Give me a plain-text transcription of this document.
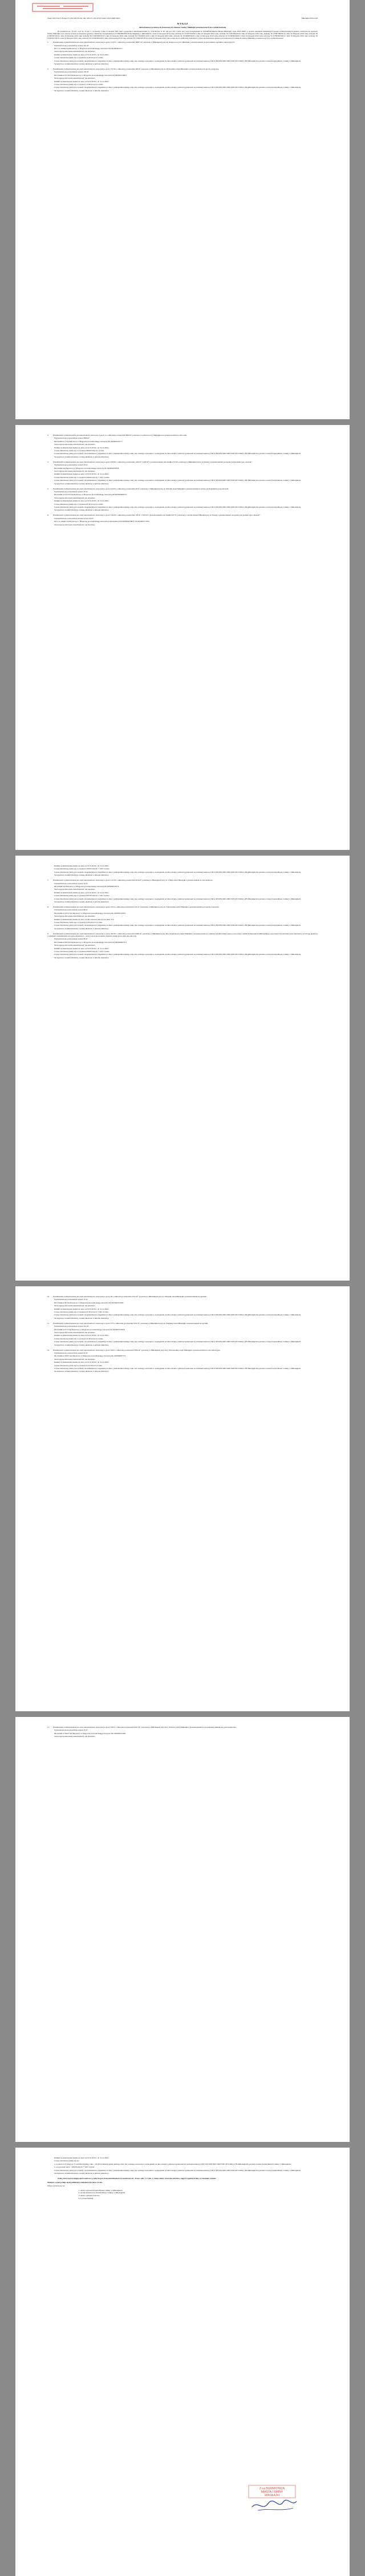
Znak: GM.7224.5.19.244.175.138.144.183.161.164. 168.171.145.167.95 GGK.7224.5.4467/2019	Mikołajki 2018.12.02
W Y K A Z
nieruchomości gruntowych stanowiących własność Gminy Mikołajki przeznaczonych do wydzierżawienia

Na podstawie art. 35 ust.1 oraz art. 35 ust. 1 i 1a ustawy z dnia 21 sierpnia 1997 roku o gospodarce nieruchomościami (t.j. z 2018r. Dz. U. Nr 102 poz. 651 z późn. zm.) oraz Zarządzeniem nr 30/2008 Burmistrza Miasta Mikołajki z dnia 28.01.2008r. w sprawie określenia minimalnych stawek wydzierżawianych gruntów stanowiących własność Gminy Mikołajki oraz stawek czynszu za dzierżawę gruntów, zmienione zarządzeniem nr UVBI/298/2018 Rady Miejskiej w Mikołajkach z dnia 10 listopada 2010 roku, uchwały Nr LVII/579/2010 z dnia 10 listopada 2010 roku, uchwały Nr LVII/590/2010 z dnia 10 listopada 2010 roku, uchwały Nr LVIII/596/2010 z dnia 10 listopada 2010 roku, uchwały Nr LVIII/597/2010 z dnia 10 listopada 2010 roku, uchwały Nr LVIII/600/2010 z dnia 10 listopada 2010 roku, uchwały Nr LVIII/601/2010 z dnia 10 listopada 2010 roku, uchwały Nr LVIII/603/2010 z dnia 10 listopada 2010 roku, uchwały Nr LVIII/604/2010 z dnia 10 listopada 2010 roku, uchwały Nr LVIII/609/2010 z dnia 10 listopada 2010 roku, uchwały Nr LVIII/615/2010 z dnia 10 listopada 2010 roku, uchwały Nr LVIII/599/2010 z dnia 10 listopada 2010 roku, uchwały Nr LVIII/607/2010 z dnia 10 listopada 2010 roku podaje się do publicznej wiadomości wykaz nieruchomości gruntowych stanowiących własność Gminy Mikołajki, przeznaczonych do wydzierżawienia:

1. Przedmiotem wydzierżawienia jest część nieruchomości oznaczonej w geod. 2/1479 o całkowitej powierzchni 39687 m², położonej w Mikołajkach przy ul. Księżycowej obr. Mikołajki z przeznaczeniem na prowadzenie ogródków rekreacyjnych.

Wydzierżawiona powierzchnia wynosi 145 m².

Dla w/w działki Sąd Rejonowy w Mrągowie prowadzi księgę wieczystą OL1M/00029531/7.

Teren zagospodarowania nieruchomości: nie określono

Działka wydzierżawiana będzie na okres od 01.01.2019 r. do 31.12.2021r.

Czynsz dzierżawny ustala się w wysokości 14,50 złotych /rocznie

Czynsz dzierżawny płatny jest za każdy rok kalendarzowy najpóźniej do dnia 1 października każdego roku, bez osobnego wezwania w zaokrągleniu od dnia zwłoki w płatności przelewem na rachunek bankowy UM nr 98 9350 0001 0000 0329 2072 0004 w BS Mikołajki lub gotówką w kasie Urzędu Miasta i Gminy w Mikołajkach.

Szczegółowe warunki dzierżawy zostaną określone w umowie dzierżawy.

2. Przedmiotem wydzierżawienia jest część nieruchomości oznaczonej w geod. 372/42 o całkowitej powierzchni 328 m², położona w Mikołajkach przy ul. Dybowskiej obręb Mikołajki z przeznaczeniem pod ogrody warzywne.

Wydzierżawiona powierzchnia wynosi 129 m².

Dla działki nr 372/42 Sąd Rejonowy w Mrągowie prowadzi księgę wieczystą OL1M/00021396/5.

Teren zagospodarowania nieruchomości: nie określono

Działka wydzierżawiana będzie na okres od 01.01.2019 r. do 31.12.2021r.

Czynsz dzierżawny ustala się w wysokości 12,90 złotych /rocznie

Czynsz dzierżawny płatny jest za każdy rok kalendarzowy najpóźniej do dnia 1 października każdego roku, bez osobnego wezwania w zaokrągleniu od dnia zwłoki w płatności przelewem na rachunek bankowy UM nr 98 9350 0001 0000 0329 2072 0004 w BS Mikołajki lub gotówką w kasie Urzędu Miasta i Gminy w Mikołajkach.

Szczegółowe warunki dzierżawy zostaną określone w umowie dzierżawy.

3. Przedmiotem wydzierżawienia jest nieruchomość oznaczona w geod. 2 o całkowitej powierzchni 8000 m², położona w Grabówce przy Mikołajkach z przeznaczeniem na cele rolne.

Wydzierżawiona powierzchnia wynosi 8000 m²

Dla działki nr 2 Sąd Rejonowy w Mrągowie prowadzi księgę wieczystą OL1M/00023257/7.

Teren zagospodarowania nieruchomości: nie określono

Działka wydzierżawiana będzie na okres od 01.01.2019 r. do 31.12.2021r.

Czynsz dzierżawny ustala się w wysokości 800,00 złotych /rocznie

Czynsz dzierżawny płatny jest za każdy rok kalendarzowy najpóźniej do dnia 1 października każdego roku, bez osobnego wezwania w zaokrągleniu od dnia zwłoki w płatności przelewem na rachunek bankowy UM nr 98 9350 0001 0000 0329 2072 0004 w BS Mikołajki lub gotówką w kasie Urzędu Miasta i Gminy w Mikołajkach.

Szczegółowe warunki dzierżawy zostaną określone w umowie dzierżawy.

4. Przedmiotem wydzierżawienia jest część nieruchomości oznaczonej w geod. 239/30 o całkowitej powierzchni 1200 m² i 1443 m² z przeznaczeniem oraz działka 372/42, położonej w Mikołajkach przy ul. Pisarej z przeznaczeniem pod grunt pod garażem typu „blaszak”.

Wydzierżawiona powierzchnia wynosi 20 m².

Dla działki Sąd Rejonowy w Mrągowie prowadzi księgę wieczystą OL1M/00029785/8.

Teren zagospodarowania nieruchomości: nie określono

Działka wydzierżawiana będzie na okres od 01.01.2019 r. do 31.12.2021r.

Czynsz dzierżawny ustala się w wysokości 240,00 złotych + VAT /rocznie

Czynsz dzierżawny płatny jest za każdy rok kalendarzowy najpóźniej do dnia 1 października każdego roku, bez osobnego wezwania w zaokrągleniu od dnia zwłoki w płatności przelewem na rachunek bankowy UM nr 98 9350 0001 0000 0329 2072 0004 w BS Mikołajki lub gotówką w kasie Urzędu Miasta i Gminy w Mikołajkach.

Szczegółowe warunki dzierżawy zostaną określone w umowie dzierżawy.

5. Przedmiotem wydzierżawienia jest część nieruchomości oznaczonej w geod. 613/23 o całkowitej powierzchni 29 m², położonej w Mikołajkach przy ul. M.Kajki obręb Mikołajki z przeznaczeniem na grunt pod budynkiem gospodarczym.

Wydzierżawiona powierzchnia wynosi 29 m².

Dla działki nr 613/23 Sąd Rejonowy w Mrągowie prowadzi księgę wieczystą OL1M/00026691/9.

Teren zagospodarowania nieruchomości: nie określono

Działka wydzierżawiana będzie na okres od 01.01.2019 r. do 31.12.2021r.

Czynsz dzierżawny ustala się w wysokości 87,00 złotych /rocznie

Czynsz dzierżawny płatny jest za każdy rok kalendarzowy najpóźniej do dnia 1 października każdego roku, bez osobnego wezwania w zaokrągleniu od dnia zwłoki w płatności przelewem na rachunek bankowy UM nr 98 9350 0001 0000 0329 2072 0004 w BS Mikołajki lub gotówką w kasie Urzędu Miasta i Gminy w Mikołajkach.

Szczegółowe warunki dzierżawy zostaną określone w umowie dzierżawy.

6. Przedmiotem wydzierżawienia jest część nieruchomości oznaczonej w geod. 239/29 o całkowitej powierzchni 138 m² i 1300 m² z przeznaczeniem oraz działki 427/37, położonej w obrębie miasta Mikołajki przy ul. Pisarej z przeznaczeniem pod grunt pod garażem typu „blaszak”.

Wydzierżawiona powierzchnia łącznie wynosi 20 m².

Dla w/w działki Sąd Rejonowy w Mrągowie prowadzi księgę wieczystą (odpowiednio) OL1M/00029788/9, OL1M/00027119/9.

Teren zagospodarowania nieruchomości: nie określono

Działka wydzierżawiana będzie na okres od 01.01.2019 r. do 31.12.2021r.

Czynsz dzierżawny ustala się w wysokości 240,00 złotych + VAT /rocznie

Czynsz dzierżawny płatny jest za każdy rok kalendarzowy najpóźniej do dnia 1 października każdego roku, bez osobnego wezwania w zaokrągleniu od dnia zwłoki w płatności przelewem na rachunek bankowy UM nr 98 9350 0001 0000 0329 2072 0004 w BS Mikołajki lub gotówką w kasie Urzędu Miasta i Gminy w Mikołajkach.

Szczegółowe warunki dzierżawy zostaną określone w umowie dzierżawy.

7. Przedmiotem wydzierżawienia jest część nieruchomości oznaczonej w geod. 213/18 o całkowitej powierzchni 8210 m², położonej w Mikołajkach przy ul. 3 Maja obręb Mikołajki z przeznaczeniem na cele handlowe.

Wydzierżawiona powierzchnia wynosi 19 m².

Dla działki Sąd Rejonowy w Mrągowie prowadzi księgę wieczystą OL1M/00005787/4.

Teren zagospodarowania nieruchomości: nie określono

Działka wydzierżawiana będzie na okres od 01.01.2019 r. do 31.12.2021r.

Czynsz dzierżawny ustala się w wysokości 950,00 złotych + VAT /rocznie

Czynsz dzierżawny płatny jest za każdy rok kalendarzowy najpóźniej do dnia 1 października każdego roku, bez osobnego wezwania w zaokrągleniu od dnia zwłoki w płatności przelewem na rachunek bankowy UM nr 98 9350 0001 0000 0329 2072 0004 w BS Mikołajki lub gotówką w kasie Urzędu Miasta i Gminy w Mikołajkach.

Szczegółowe warunki dzierżawy zostaną określone w umowie dzierżawy.

8. Przedmiotem wydzierżawienia jest część nieruchomości oznaczonej w geod. 225/4 o całkowitej powierzchni 141 m², położonej w Mikołajkach przy ul. T.Kościuszki obręb Mikołajki z przeznaczeniem pod ogrody warzywne.

Wydzierżawiona powierzchnia wynosi 68 m².

Dla działki nr 225/4 Sąd Rejonowy w Mrągowie prowadzi księgę wieczystą OL1M/00021396/5.

Teren zagospodarowania nieruchomości: nie określono

Działka wydzierżawiana będzie na okres od dnia zawarcia umowy na okres 3 lat.

Czynsz dzierżawny ustala się w wysokości 6,80 złotych /rocznie

Czynsz dzierżawny płatny jest za każdy rok kalendarzowy najpóźniej do dnia 1 października każdego roku, bez osobnego wezwania w zaokrągleniu od dnia zwłoki w płatności przelewem na rachunek bankowy UM nr 98 9350 0001 0000 0329 2072 0004 w BS Mikołajki lub gotówką w kasie Urzędu Miasta i Gminy w Mikołajkach.

Szczegółowe warunki dzierżawy zostaną określone w umowie dzierżawy.

9. Przedmiotem wydzierżawienia jest część nieruchomości oznaczonej w geod. 202/50 o całkowitej powierzchni 2600 m², położonej w Mikołajkach przy ulicy Kasztanowej obręb Mikołajki z przeznaczeniem na realizacje ścieżki-szlaku pieszo-rowerowego wzdłuż brzegu jeziora Mikołajskiego stanowiących (wyłącznie przez dzierżawcę pod drogę gruntową z nadaniem i utrzymaniem oraz przez dzierżawcę / osoby trzecie prowadzenie dojazdu i usługi płotu oferta dla zdrowej).

Wydzierżawiona powierzchnia wynosi 68 m².

Dla działki nr 202/50 Sąd Rejonowy w Mrągowie prowadzi księgę wieczystą OL1M/00008575/3.

Teren zagospodarowania nieruchomości: nie określono

Działka wydzierżawiana będzie na okres od 01.01.2019 r. do 31.12.2021r.

Czynsz dzierżawny ustala się w wysokości 244,00 złotych + VAT /rocznie

Czynsz dzierżawny płatny jest za każdy rok kalendarzowy najpóźniej do dnia 1 października każdego roku, bez osobnego wezwania w zaokrągleniu od dnia zwłoki w płatności przelewem na rachunek bankowy UM nr 98 9350 0001 0000 0329 2072 0004 w BS Mikołajki lub gotówką w kasie Urzędu Miasta i Gminy w Mikołajkach.

Szczegółowe warunki dzierżawy zostaną określone w umowie dzierżawy.

10. Przedmiotem wydzierżawienia jest część nieruchomości oznaczonej w geod. 48 o całkowitej powierzchni 2721 m², położonej w Mikołajkach przy ul. Olszynki obręb Mikołajki z przeznaczeniem na ogródek.

Wydzierżawiona powierzchnia wynosi 15 m².

Dla działki nr 48 Sąd Rejonowy w Mrągowie prowadzi księgę wieczystą OL1M/00025129/8.

Teren zagospodarowania nieruchomości: nie określono

Działka wydzierżawiana będzie na okres od 01.01.2019 r. do 31.12.2021r.

Czynsz dzierżawny ustala się w wysokości 22,50 złotych + VAT /rocznie

Czynsz dzierżawny płatny jest za każdy rok kalendarzowy najpóźniej do dnia 1 października każdego roku, bez osobnego wezwania w zaokrągleniu od dnia zwłoki w płatności przelewem na rachunek bankowy UM nr 98 9350 0001 0000 0329 2072 0004 w BS Mikołajki lub gotówką w kasie Urzędu Miasta i Gminy w Mikołajkach.

Szczegółowe warunki dzierżawy zostaną określone w umowie dzierżawy.

11. Przedmiotem wydzierżawienia jest część nieruchomości oznaczonej w geod. 27/3 o całkowitej powierzchni 1022 m², położonej w Mikołajkach przy ul. Wiejskiej obręb Mikołajki z przeznaczeniem na ogródki.

Wydzierżawiona powierzchnia wynosi 222 m².

Dla działki nr 27/3 Sąd Rejonowy w Mrągowie prowadzi księgę wieczystą OL1M/00021259/8.

Teren zagospodarowania nieruchomości: nie określono

Działka wydzierżawiana będzie na okres od 01.01.2019 r. do 31.12.2021r.

Czynsz dzierżawny ustala się w wysokości 22,20 złotych /rocznie

Czynsz dzierżawny płatny jest za każdy rok kalendarzowy najpóźniej do dnia 1 października każdego roku, bez osobnego wezwania w zaokrągleniu od dnia zwłoki w płatności przelewem na rachunek bankowy UM nr 98 9350 0001 0000 0329 2072 0004 w BS Mikołajki lub gotówką w kasie Urzędu Miasta i Gminy w Mikołajkach.

Szczegółowe warunki dzierżawy zostaną określone w umowie dzierżawy.

12. Przedmiotem wydzierżawienia jest część nieruchomości oznaczonej w geod. 200/2 o całkowitej powierzchni 3954 m², położonej w Mikołajkach przy ulicy Warszawskiej obręb Mikołajki z przeznaczeniem na cele rekreacyjne.

Wydzierżawiona powierzchnia wynosi 61 m².

Dla działki nr 200/2 Sąd Rejonowy w Mrągowie prowadzi księgę wieczystą OL1M/00008575/3.

Teren zagospodarowania nieruchomości: nie określono

Działka wydzierżawiana będzie na okres od 01.01.2019 r. do 31.12.2021r.

Czynsz dzierżawny ustala się w wysokości 6,10 złotych /rocznie

Czynsz dzierżawny płatny jest za każdy rok kalendarzowy najpóźniej do dnia 1 października każdego roku, bez osobnego wezwania w zaokrągleniu od dnia zwłoki w płatności przelewem na rachunek bankowy UM nr 98 9350 0001 0000 0329 2072 0004 w BS Mikołajki lub gotówką w kasie Urzędu Miasta i Gminy w Mikołajkach.

Szczegółowe warunki dzierżawy zostaną określone w umowie dzierżawy.

13. Przedmiotem wydzierżawienia jest część nieruchomości oznaczonej w geod. 200/3 o całkowitej powierzchni 9541 m², położonej w Mikołajkach przy ulicy Wolności obręb Mikołajki z przeznaczeniem na prowadzenie działalności gastronomicznej.

Wydzierżawiona powierzchnia wynosi 20 m².

Dla działki nr 200/3 Sąd Rejonowy w Mrągowie prowadzi księgę wieczystą OL1M/00025129/8.

Teren zagospodarowania nieruchomości: nie określono

Działka wydzierżawiana będzie na okres od 01.01.2019 r. do 31.12.2021r.

Czynsz dzierżawny ustala się wg:

a. za okres od 15 maja do 15 września każdego roku – 161,00 zł dziennie płatny każdego dnia, bez osobnego wezwania w zaokrągleniu od dnia zwłoki w płatności przelewem na rachunek bankowy UM nr 98 9350 0001 0000 0329 2072 0004 w BS Mikołajki lub gotówką w kasie Urzędu Miasta i Gminy w Mikołajkach.

b. za pozostały okres – 200,00 złotych + VAT /rocznie

Czynsz dzierżawny płatny jest za każdy rok kalendarzowy najpóźniej do dnia 1 października każdego roku, bez osobnego wezwania w zaokrągleniu od dnia zwłoki w płatności przelewem na rachunek bankowy UM nr 98 9350 0001 0000 0329 2072 0004 w BS Mikołajki lub gotówką w kasie Urzędu Miasta i Gminy w Mikołajkach.

Szczegółowe warunki dzierżawy zostaną określone w umowie dzierżawy.

Osoby, którym przysługuje pierwszeństwo w nabyciu powyższej nieruchomości na podstawie art. 34 ust.1 pkt. 1 i 2 pkt. 2, winny złożyć stosowne wnioski w ciągu 6 tygodni od daty wywieszenia wykazu.

Niniejszy wykaz podaje się do publicznej wiadomości na okres 21 dni.

Wykaz wywieszono na:

1. tablicy ogłoszeń Urzędu Miasta i Gminy w Mikołajkach,
2. stronie internetowej Urzędu Miasta i Gminy w Mikołajkach,
3. tablicy ogłoszeń sołectwa
4. w prasie lokalnej.
Z-ca BURMISTRZA
MIASTA I GMINY
MIKOŁAJKI
